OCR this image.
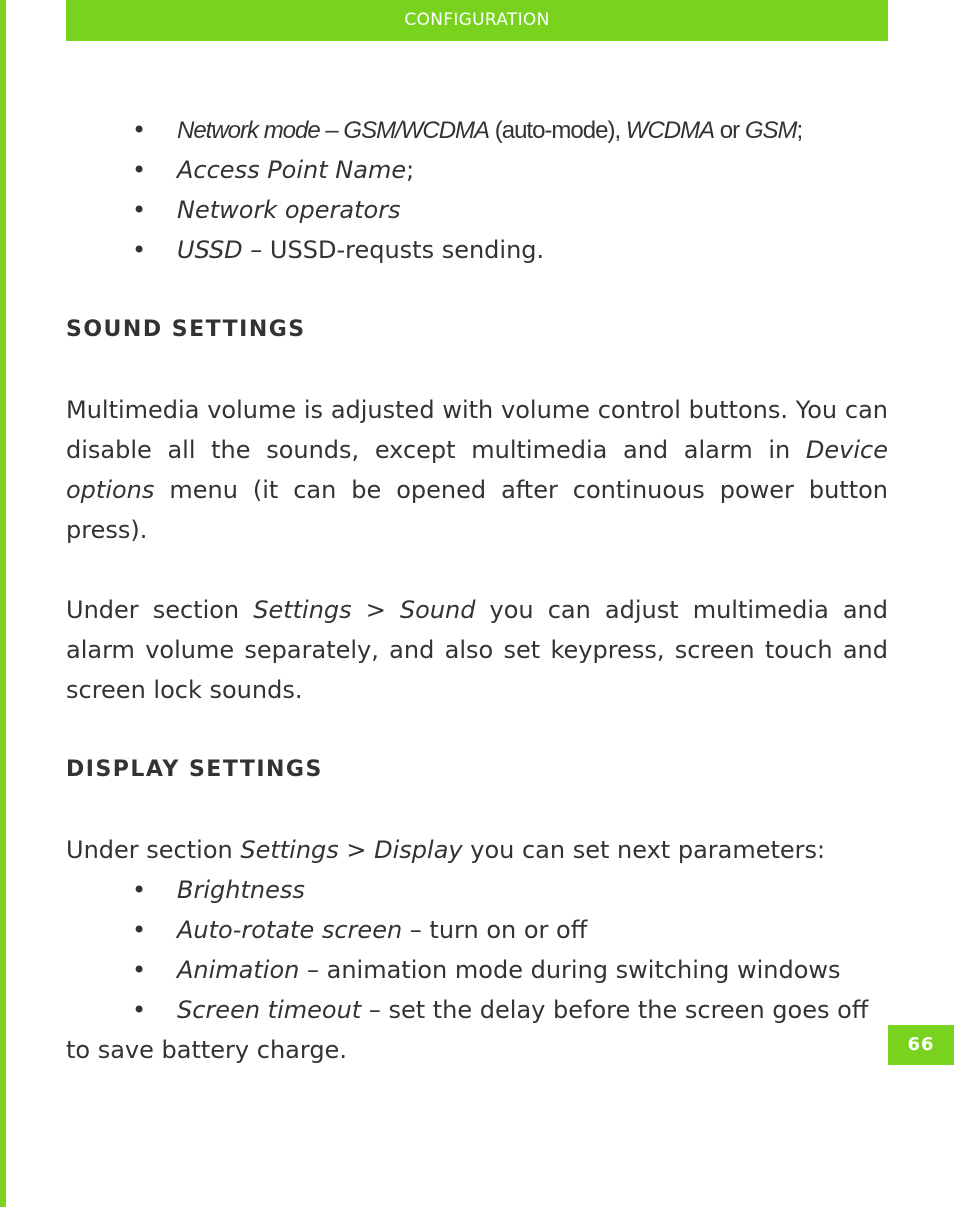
CONFIGURATION
66
• Network mode – GSM/WCDMA (auto-mode), WCDMA or GSM;
• Access Point Name;
• Network operators
• USSD – USSD-requsts sending.
SOUND SETTINGS

Multimedia volume is adjusted with volume control buttons. You can disable all the sounds, except multimedia and alarm in Device options menu (it can be opened after continuous power button press).

Under section Settings > Sound you can adjust multimedia and alarm volume separately, and also set keypress, screen touch and screen lock sounds.

DISPLAY SETTINGS

Under section Settings > Display you can set next parameters:

• Brightness
• Auto-rotate screen – turn on or off
• Animation – animation mode during switching windows
• Screen timeout – set the delay before the screen goes off to save battery charge.
